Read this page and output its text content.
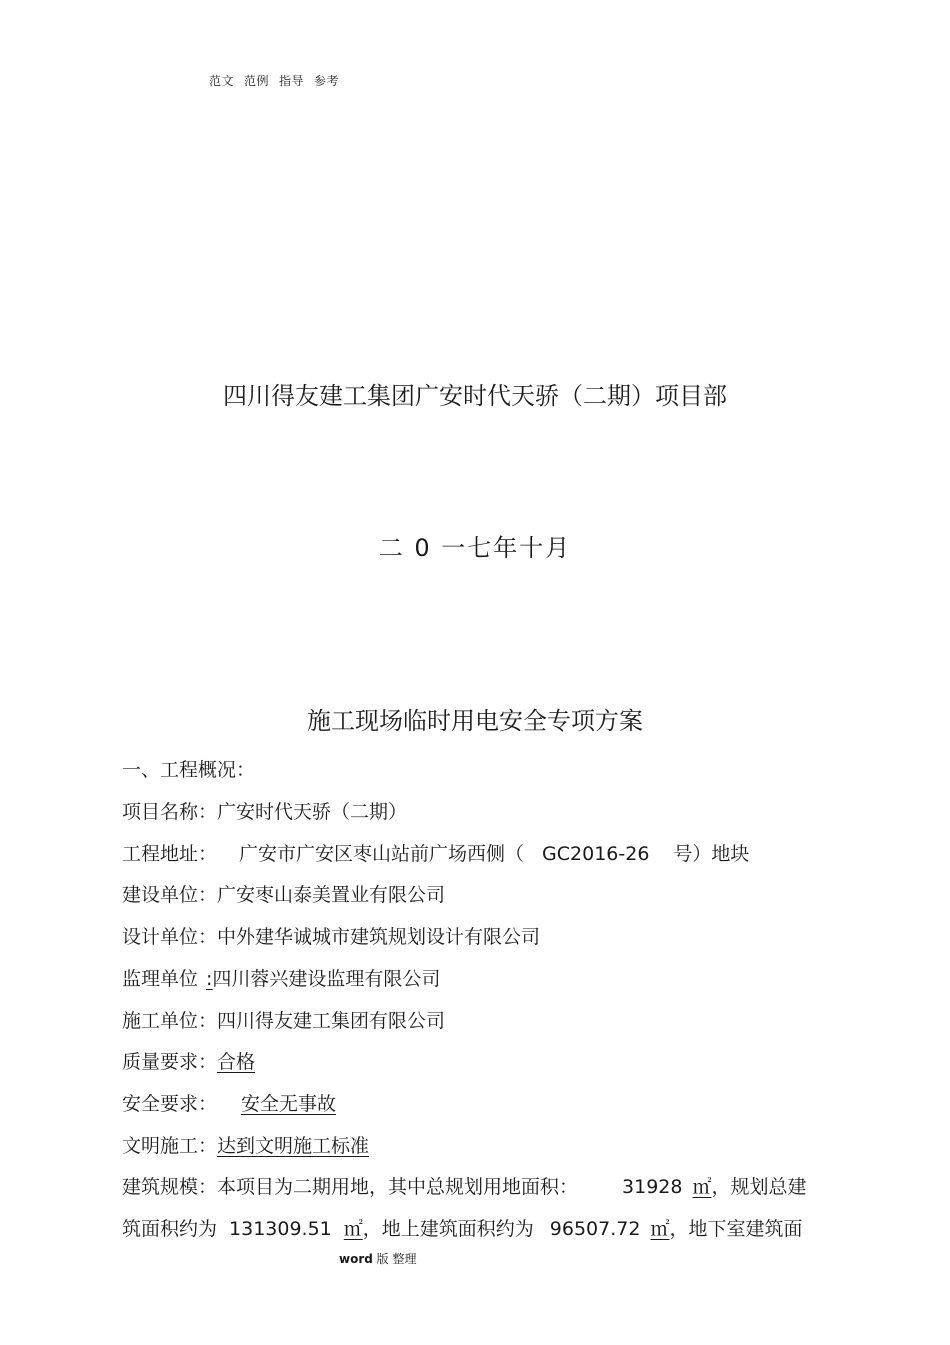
范文 范例 指导 参考
四川得友建工集团广安时代天骄（二期）项目部
二 0 一七年十月
施工现场临时用电安全专项方案
一、工程概况：
项目名称：广安时代天骄（二期）
工程地址： 广安市广安区枣山站前广场西侧（ GC2016-26 号）地块
建设单位：广安枣山泰美置业有限公司
设计单位：中外建华诚城市建筑规划设计有限公司
监理单位 :四川蓉兴建设监理有限公司
施工单位：四川得友建工集团有限公司
质量要求：合格
安全要求： 安全无事故
文明施工：达到文明施工标准
建筑规模：本项目为二期用地，其中总规划用地面积： 31928 ㎡，规划总建
筑面积约为 131309.51 ㎡，地上建筑面积约为 96507.72 ㎡，地下室建筑面
word 版 整理
